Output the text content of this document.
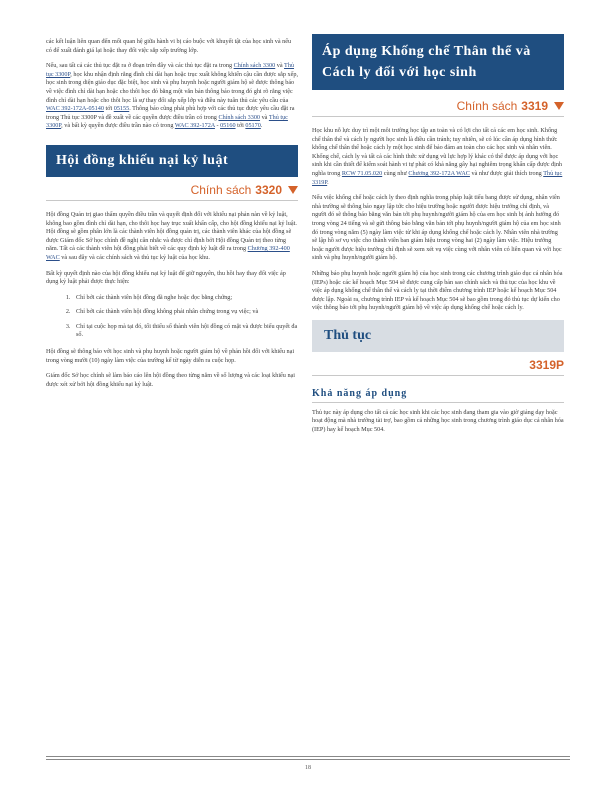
các kết luận liên quan đến mối quan hệ giữa hành vi bị cáo buộc với khuyết tật của học sinh và nếu có để xuất đánh giá lại hoặc thay đổi việc sắp xếp trường lớp.

Nếu, sau tất cả các thủ tục đặt ra ở đoạn trên đây và các thủ tục đặt ra trong Chính sách 3300 và Thủ tục 3300P, học khu nhận định rằng đình chỉ dài hạn hoặc trục xuất không khiến cậu cần được sắp xếp, học sinh trong diện giáo dục đặc biệt, học sinh và phụ huynh hoặc người giám hộ sẽ được thông báo về việc đình chỉ dài hạn hoặc cho thôi học đó bằng một văn bản thông báo trong đó ghi rõ rằng việc đình chỉ dài hạn hoặc cho thôi học là sự thay đổi sắp xếp lớp và điều này tuân thủ các yêu cầu của WAC 392-172A-05140 tới 05155. Thông báo cũng phải phù hợp với các thủ tục được yêu cầu đặt ra trong Thủ tục 3300P và đề xuất về các quyền được điều trần có trong Chính sách 3300 và Thủ tục 3300P, và bất kỳ quyền được điều trần nào có trong WAC 392-172A - 05160 tới 05170.

Hội đồng khiếu nại kỷ luật
Chính sách 3320

Hội đồng Quản trị giao thẩm quyền điều trần và quyết định đối với khiếu nại phản nàn về kỷ luật, không bao gồm đình chỉ dài hạn, cho thôi học hay trục xuất khẩn cấp, cho hội đồng khiếu nại kỷ luật. Hội đồng sẽ gồm phân lớn là các thành viên hội đồng quản trị, các thành viên khác của hội đồng sẽ được Giám đốc Sở học chính đề nghị cân nhắc và được chỉ định bởi Hội đồng Quản trị theo từng năm. Tất cả các thành viên hội đồng phải biết về các quy định kỷ luật đề ra trong Chương 392-400 WAC và sau đây và các chính sách và thủ tục kỷ luật của học khu.

Bất kỳ quyết định nào của hội đồng khiếu nại kỷ luật để giữ nguyên, thu hồi hay thay đổi việc áp dụng kỷ luật phải được thực hiện:

1. Chỉ bởi các thành viên hội đồng đã nghe hoặc đọc bằng chứng;
2. Chỉ bởi các thành viên hội đồng không phải nhân chứng trong vụ việc; và
3. Chỉ tại cuộc họp mà tại đó, tối thiểu số thành viên hội đồng có mặt và được biểu quyết đa số.

Hội đồng sẽ thông báo với học sinh và phụ huynh hoặc người giám hộ về phản hồi đối với khiếu nại trong vòng mười (10) ngày làm việc của trường kể từ ngày diễn ra cuộc họp.

Giám đốc Sở học chính sẽ làm báo cáo lên hội đồng theo từng năm về số lượng và các loại khiếu nại được xét xử bởi hội đồng khiếu nại kỷ luật.

Áp dụng Khống chế Thân thể và
Cách ly đối với học sinh
Chính sách 3319

Học khu nỗ lực duy trì một môi trường học tập an toàn và có lợi cho tất cả các em học sinh. Khống chế thân thể và cách ly người học sinh là điều cần tránh; tuy nhiên, sẽ có lúc cần áp dụng hình thức khống chế thân thể hoặc cách ly một học sinh để bảo đảm an toàn cho các học sinh và nhân viên. Khống chế, cách ly và tất cả các hình thức xử dụng vũ lực hợp lý khác có thể được áp dụng với học sinh khi cần thiết để kiểm soát hành vi tự phát có khả năng gây hại nghiêm trọng khẩn cấp được định nghĩa trong RCW 71.05.020 cùng như Chương 392-172A WAC và như được giải thích trong Thủ tục 3319P.

Nếu việc khống chế hoặc cách ly theo định nghĩa trong pháp luật tiểu bang được sử dụng, nhân viên nhà trường sẽ thông báo ngay lập tức cho hiệu trưởng hoặc người được hiệu trưởng chỉ định, và người đó sẽ thông báo bằng văn bản tới phụ huynh/người giám hộ của em học sinh bị ảnh hưởng đó trong vòng 24 tiếng và sẽ gửi thông báo bằng văn bản tới phụ huynh/người giám hộ của em học sinh đó trong vòng năm (5) ngày làm việc từ khi áp dụng khống chế hoặc cách ly. Nhân viên nhà trường sẽ lập hồ sơ vụ việc cho thành viên ban giám hiệu trong vòng hai (2) ngày làm việc. Hiệu trưởng hoặc người được hiệu trưởng chỉ định sẽ xem xét vụ việc cùng với nhân viên có liên quan và với học sinh và phụ huynh/người giám hộ.

Những báo phụ huynh hoặc người giám hộ của học sinh trong các chương trình giáo dục cá nhân hóa (IEPs) hoặc các kế hoạch Mục 504 sẽ được cung cấp bản sao chính sách và thủ tục của học khu về việc áp dụng khống chế thân thể và cách ly tại thời điểm chương trình IEP hoặc kế hoạch Mục 504 được lập. Ngoài ra, chương trình IEP và kế hoạch Mục 504 sẽ bao gồm trong đó thủ tục dự kiến cho việc thông báo tới phụ huynh/người giám hộ về việc áp dụng khống chế hoặc cách ly.

Thủ tục
3319P
Khả năng áp dụng

Thủ tục này áp dụng cho tất cả các học sinh khi các học sinh đang tham gia vào giờ giảng dạy hoặc hoạt động mà nhà trường tài trợ, bao gồm cả những học sinh trong chương trình giáo dục cá nhân hóa (IEP) hay kế hoạch Mục 504.

18
